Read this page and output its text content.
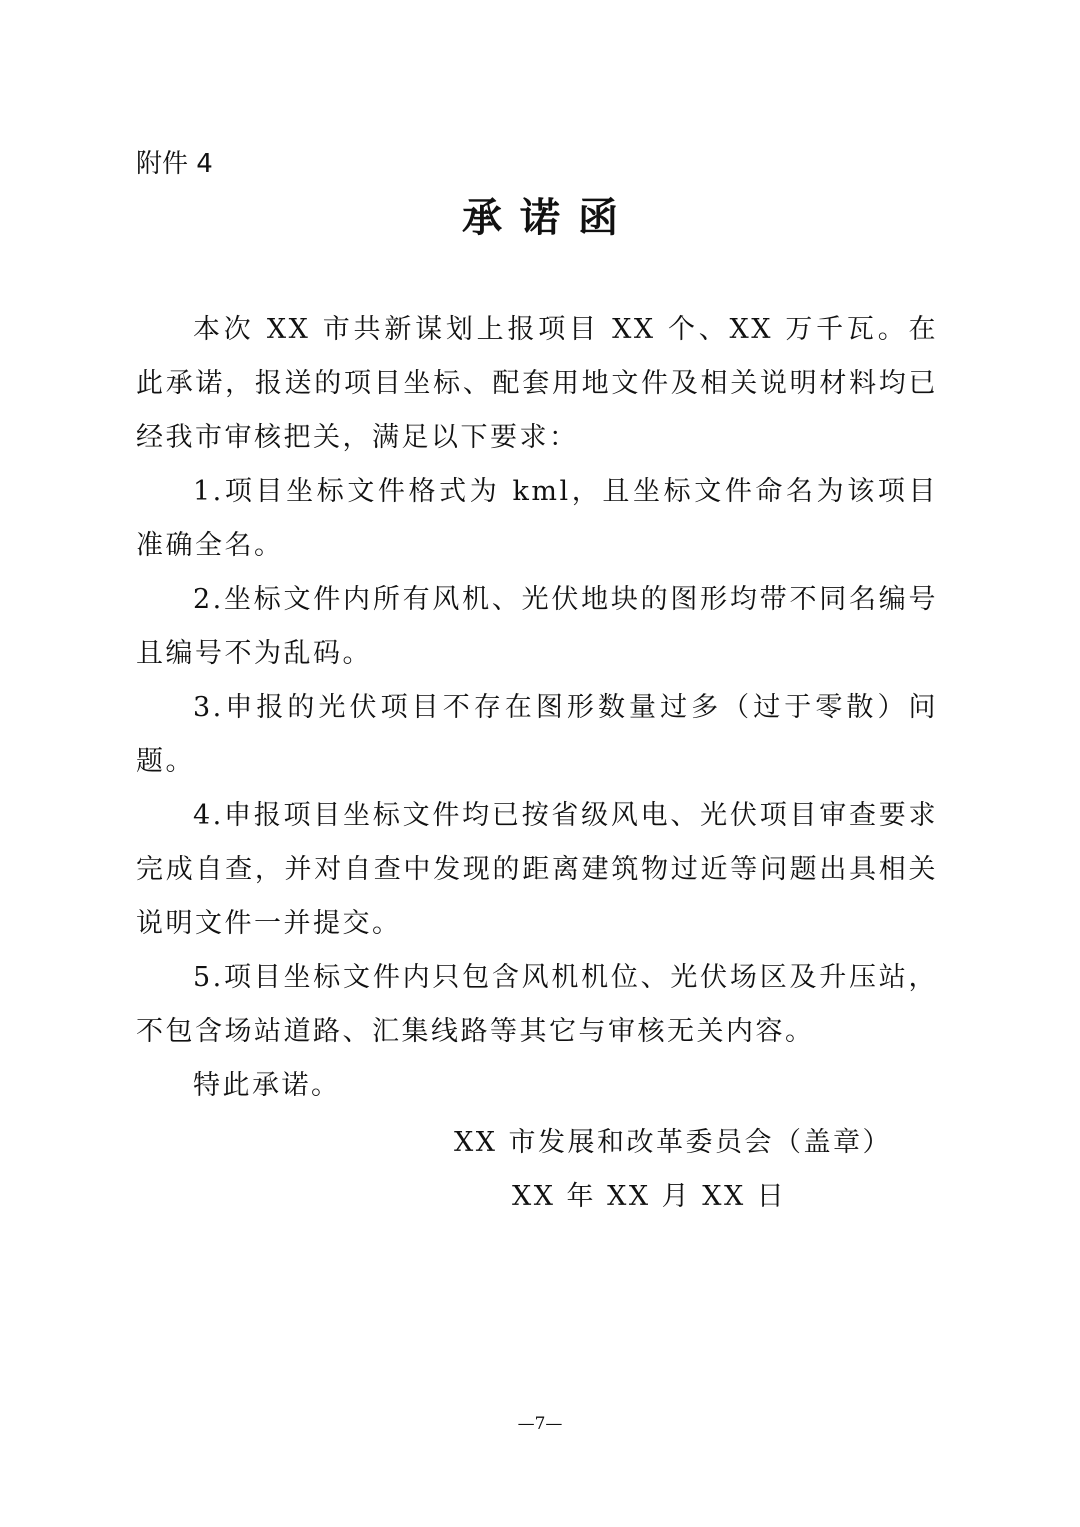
附件 4
承诺函

本次 XX 市共新谋划上报项目 XX 个、XX 万千瓦。在此承诺，报送的项目坐标、配套用地文件及相关说明材料均已经我市审核把关，满足以下要求：

1.项目坐标文件格式为 kml，且坐标文件命名为该项目准确全名。

2.坐标文件内所有风机、光伏地块的图形均带不同名编号且编号不为乱码。

3.申报的光伏项目不存在图形数量过多（过于零散）问题。

4.申报项目坐标文件均已按省级风电、光伏项目审查要求完成自查，并对自查中发现的距离建筑物过近等问题出具相关说明文件一并提交。

5.项目坐标文件内只包含风机机位、光伏场区及升压站，不包含场站道路、汇集线路等其它与审核无关内容。

特此承诺。

XX 市发展和改革委员会（盖章）
XX 年 XX 月 XX 日
—7—
